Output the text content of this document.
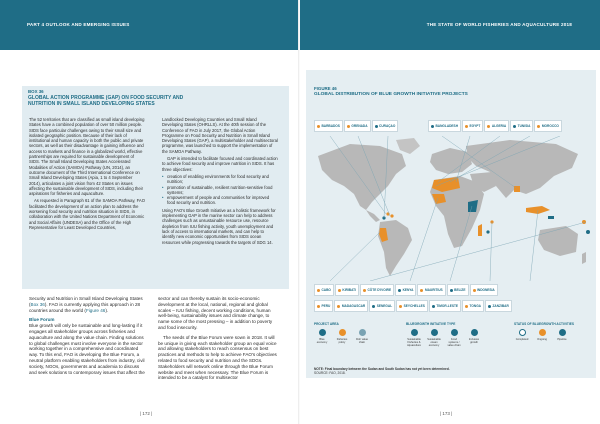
PART 4 OUTLOOK AND EMERGING ISSUES
BOX 36
GLOBAL ACTION PROGRAMME (GAP) ON FOOD SECURITY AND NUTRITION IN SMALL ISLAND DEVELOPING STATES

The 52 territories that are classified as small island developing States have a combined population of over 50 million people. SIDS face particular challenges owing to their small size and isolated geographic position. Because of their lack of institutional and human capacity in both the public and private sectors, as well as their disadvantage in gaining influence and access to markets and finance in a globalized world, effective partnerships are required for sustainable development of SIDS. The Small Island Developing States Accelerated Modalities of Action (SAMOA) Pathway (UN, 2014), an outcome document of the Third International Conference on Small Island Developing States (Apia, 1 to 4 September 2014), articulates a joint vision from 42 States on issues affecting the sustainable development of SIDS, including their aspirations for fisheries and aquaculture.

As requested in Paragraph 61 of the SAMOA Pathway, FAO facilitated the development of an action plan to address the worsening food security and nutrition situation in SIDS, in collaboration with the United Nations Department of Economic and Social Affairs (UNDESA) and the Office of the High Representative for Least Developed Countries,

Landlocked Developing Countries and Small Island Developing States (OHRLLS). At the 40th session of the Conference of FAO in July 2017, the Global Action Programme on Food Security and Nutrition in Small Island Developing States (GAP), a multistakeholder and multisectoral programme, was launched to support the implementation of the SAMOA Pathway.

GAP is intended to facilitate focused and coordinated action to achieve food security and improve nutrition in SIDS. It has three objectives:

• creation of enabling environments for food security and nutrition;
• promotion of sustainable, resilient nutrition-sensitive food systems;
• empowerment of people and communities for improved food security and nutrition.

Using FAO's Blue Growth Initiative as a holistic framework for implementing GAP in the marine sector can help to address challenges such as unsustainable resource use, resource depletion from IUU fishing activity, youth unemployment and lack of access to international markets, and can help to identify new economic opportunities from SIDS ocean resources while progressing towards the targets of SDG 14.

Security and Nutrition in Small Island Developing States (Box 36). FAO is currently applying this approach in 28 countries around the world (Figure 46).

Blue Forum

Blue growth will only be sustainable and long-lasting if it engages all stakeholder groups across fisheries and aquaculture and along the value chain. Finding solutions to global challenges must involve everyone in the sector working together in a comprehensive and coordinated way. To this end, FAO is developing the Blue Forum, a neutral platform enabling stakeholders from industry, civil society, NGOs, governments and academia to discuss and seek solutions to contemporary issues that affect the

sector and can thereby sustain its socio-economic development at the local, national, regional and global scales – IUU fishing, decent working conditions, human well-being, sustainability issues and climate change, to name some of the most pressing – in addition to poverty and food insecurity.

The seeds of the Blue Forum were sown in 2018. It will be unique in giving each stakeholder group an equal voice and allowing stakeholders to reach consensus on best practices and methods to help to achieve FAO's objectives related to food security and nutrition and the SDGs. Stakeholders will network online through the Blue Forum website and meet when necessary. The Blue Forum is intended to be a catalyst for multisector

| 172 |
THE STATE OF WORLD FISHERIES AND AQUACULTURE 2018
FIGURE 46
GLOBAL DISTRIBUTION OF BLUE GROWTH INITIATIVE PROJECTS
BARBADOS	GRENADA	CURAÇAO	BANGLADESH	EGYPT	ALGERIA	TUNISIA	MOROCCO
CABO	KIRIBATI	CÔTE D'IVOIRE	KENYA	MAURITIUS	BELIZE	INDONESIA
PERU	MADAGASCAR	SENEGAL	SEYCHELLES	TIMOR-LESTE	TONGA	ZANZIBAR
PROJECT AREA
Blue economy
Fisheries policy
Fish value chain
BLUEGROWTH INITIATIVE TYPE
Sustainable Fisheries & Aquaculture
Sustainable ocean economy
Food systems / value chain
Inclusive growth
STATUS OF BLUEGROWTH ACTIVITIES
Completed	Ongoing	Pipeline
NOTE: Final boundary between the Sudan and South Sudan has not yet been determined.
SOURCE: FAO, 2018.
| 173 |
